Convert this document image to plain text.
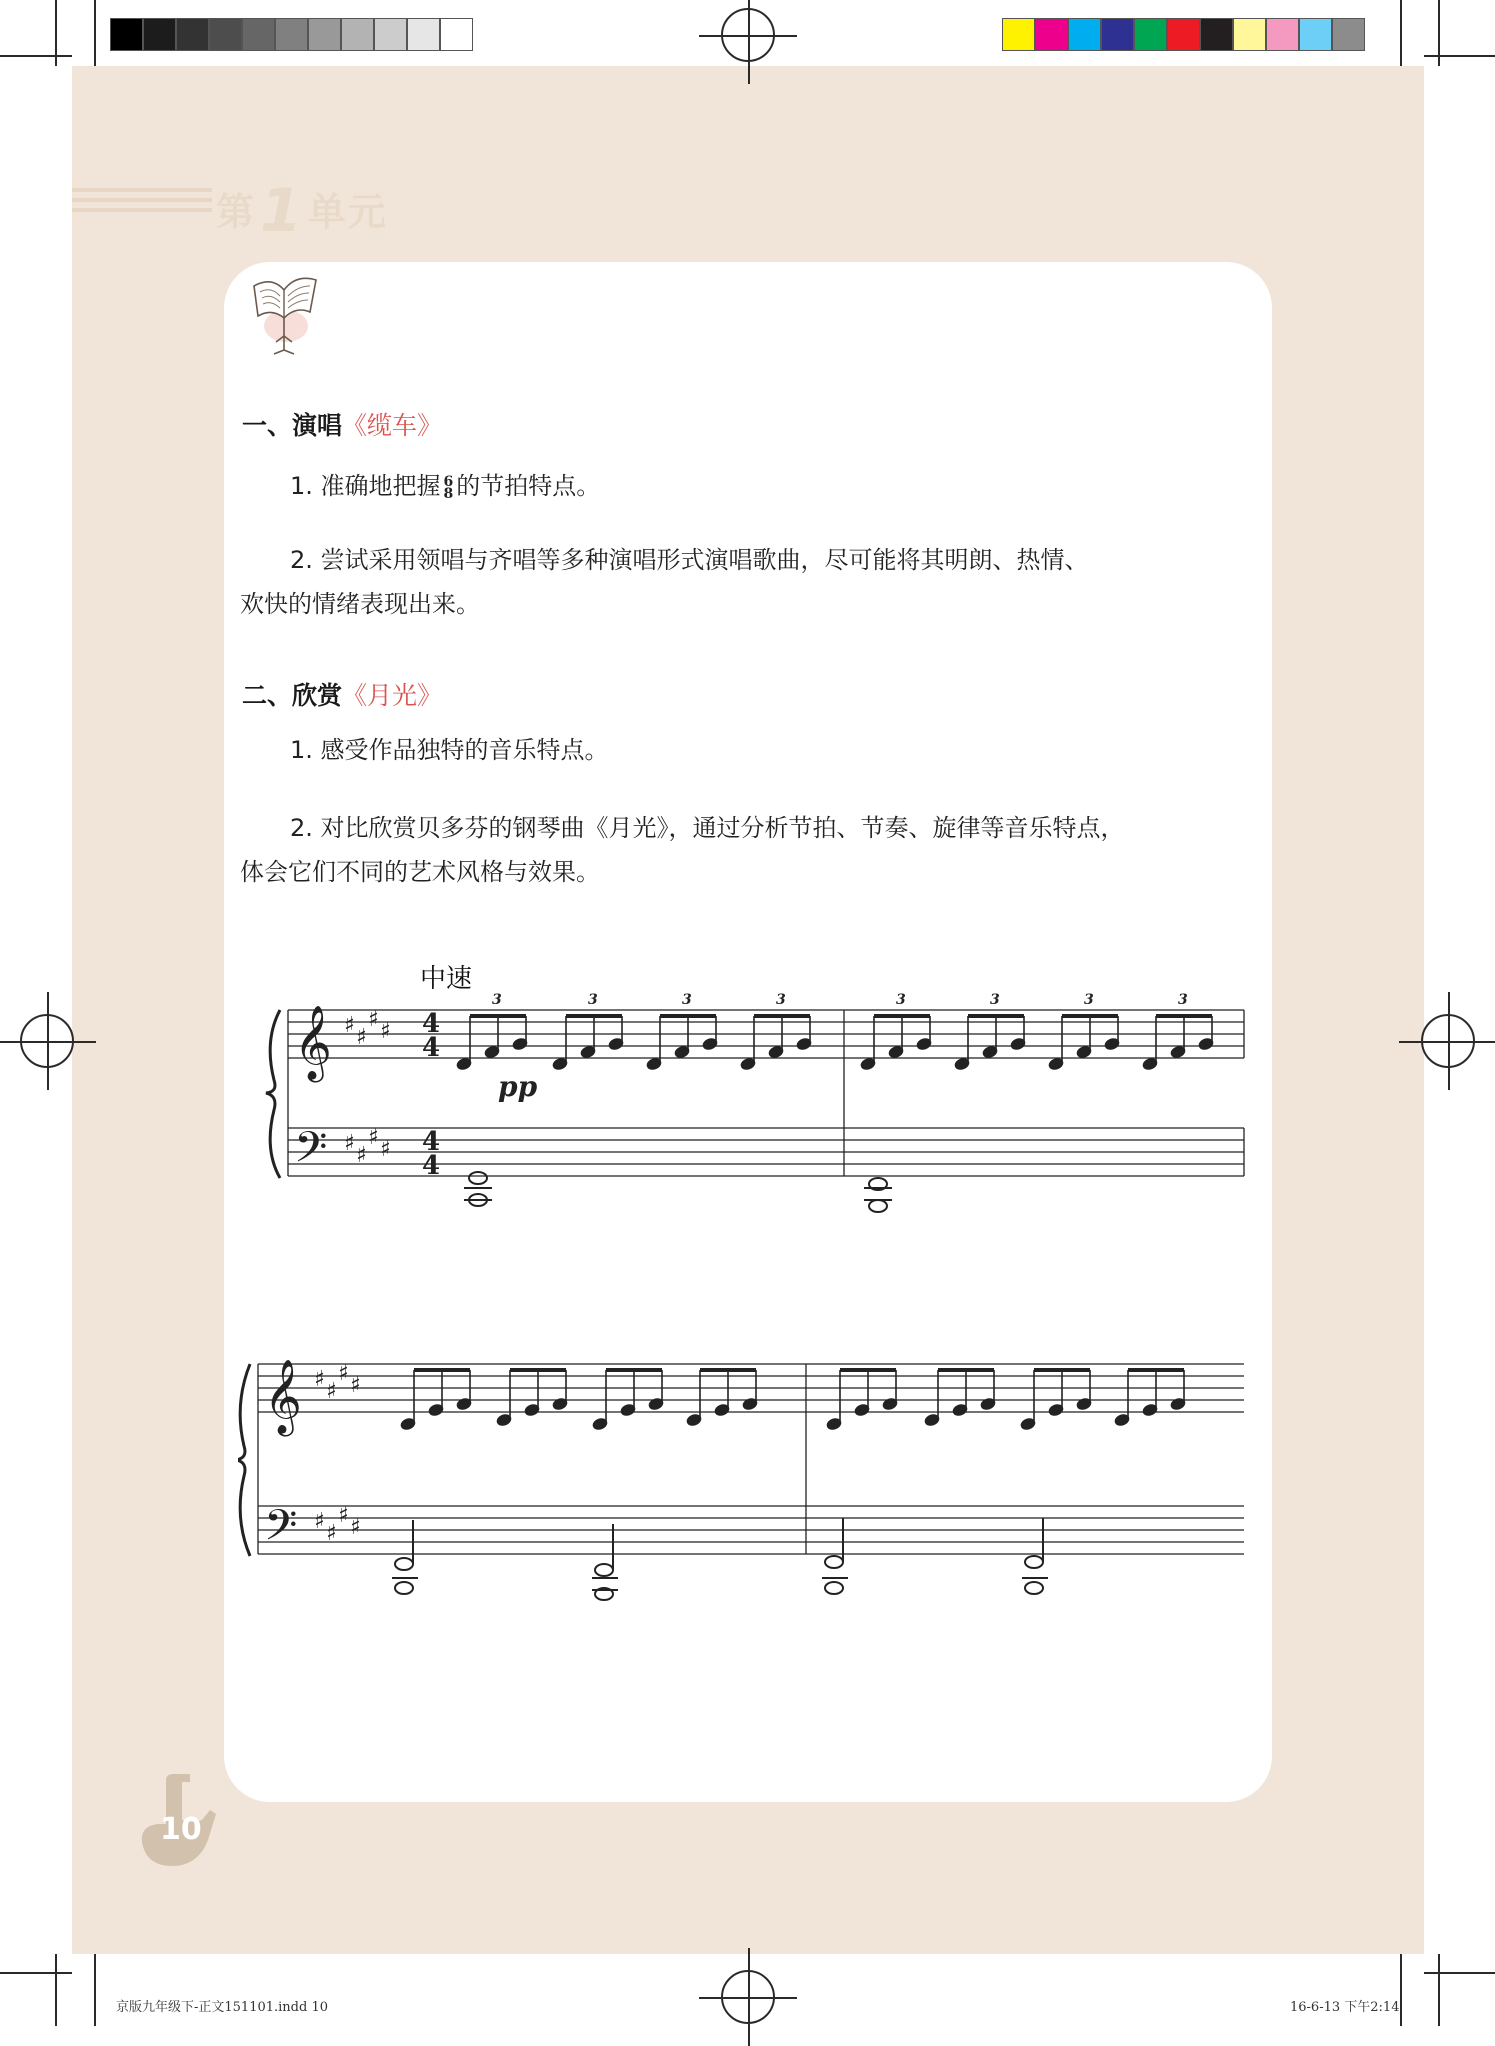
第1 单元
一、演唱《缆车》
1. 准确地把握 6
8 的节拍特点。
2. 尝试采用领唱与齐唱等多种演唱形式演唱歌曲，尽可能将其明朗、热情、
欢快的情绪表现出来。
二、欣赏《月光》
1. 感受作品独特的音乐特点。
2. 对比欣赏贝多芬的钢琴曲《月光》，通过分析节拍、节奏、旋律等音乐特点，
体会它们不同的艺术风格与效果。
中速
𝄞
𝄢
♯ ♯
♯ ♯
♯ ♯
♯ ♯
4
4
4
4
pp
3	3	3	3	3	3	3	3
𝄞
𝄢
♯ ♯
♯ ♯
♯ ♯
♯ ♯
10
京版九年级下-正文151101.indd 10	16-6-13 下午2:14
